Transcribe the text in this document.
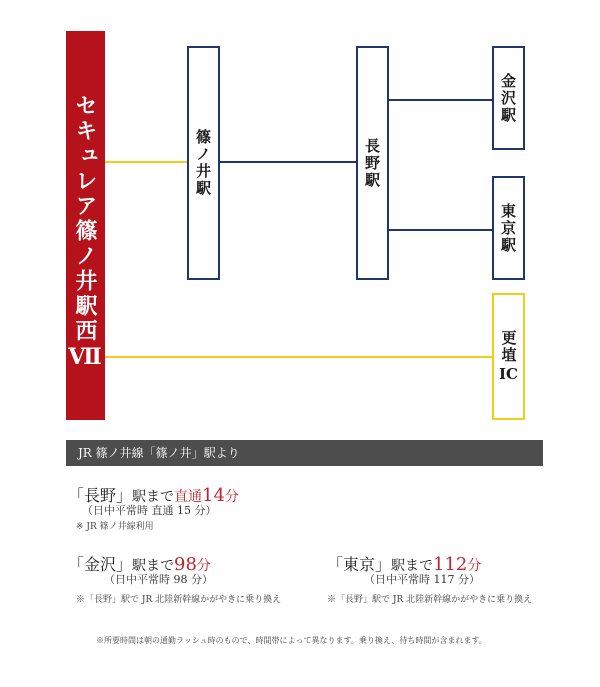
セキュレア篠ノ井駅西Ⅶ	篠ノ井駅	長野駅
金沢駅
東京駅
更埴
IC
JR 篠ノ井線「篠ノ井」駅より
「長野」駅まで直通14分
（日中平常時 直通 15 分）
※ JR 篠ノ井線利用
「金沢」駅まで98分
（日中平常時 98 分）
※「長野」駅で JR 北陸新幹線かがやきに乗り換え
「東京」駅まで112分
（日中平常時 117 分）
※「長野」駅で JR 北陸新幹線かがやきに乗り換え
※所要時間は朝の通勤ラッシュ時のもので、時間帯によって異なります。乗り換え、待ち時間が含まれます。
